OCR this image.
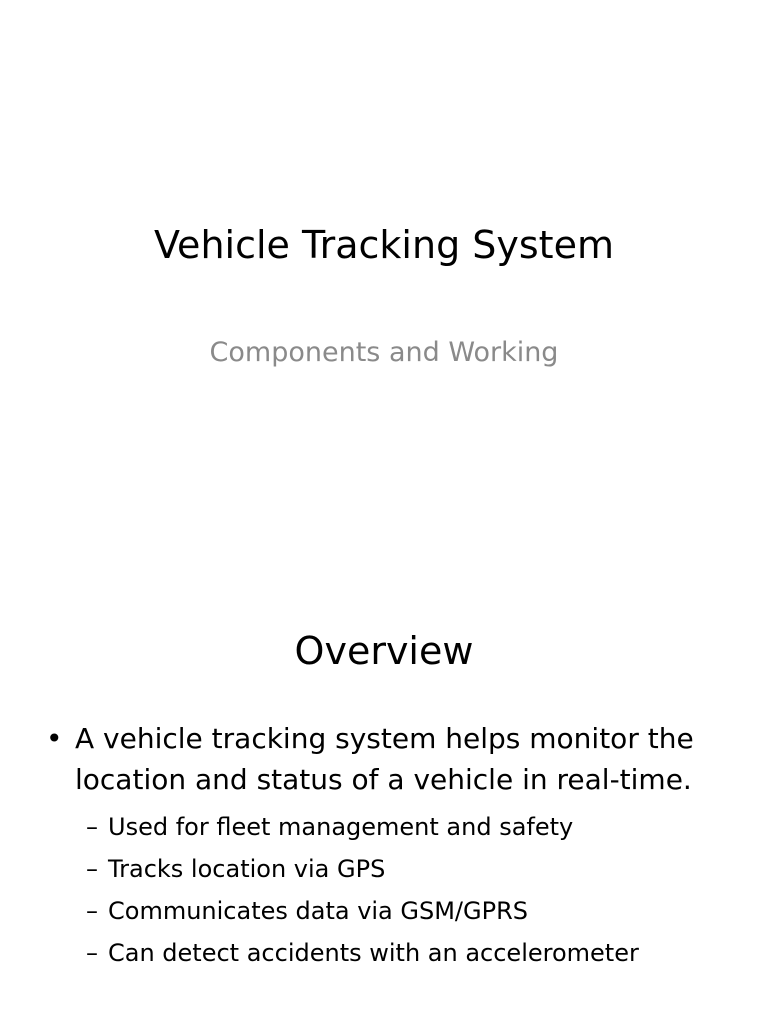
Vehicle Tracking System
Components and Working
Overview
• A vehicle tracking system helps monitor the location and status of a vehicle in real-time.
– Used for fleet management and safety
– Tracks location via GPS
– Communicates data via GSM/GPRS
– Can detect accidents with an accelerometer
